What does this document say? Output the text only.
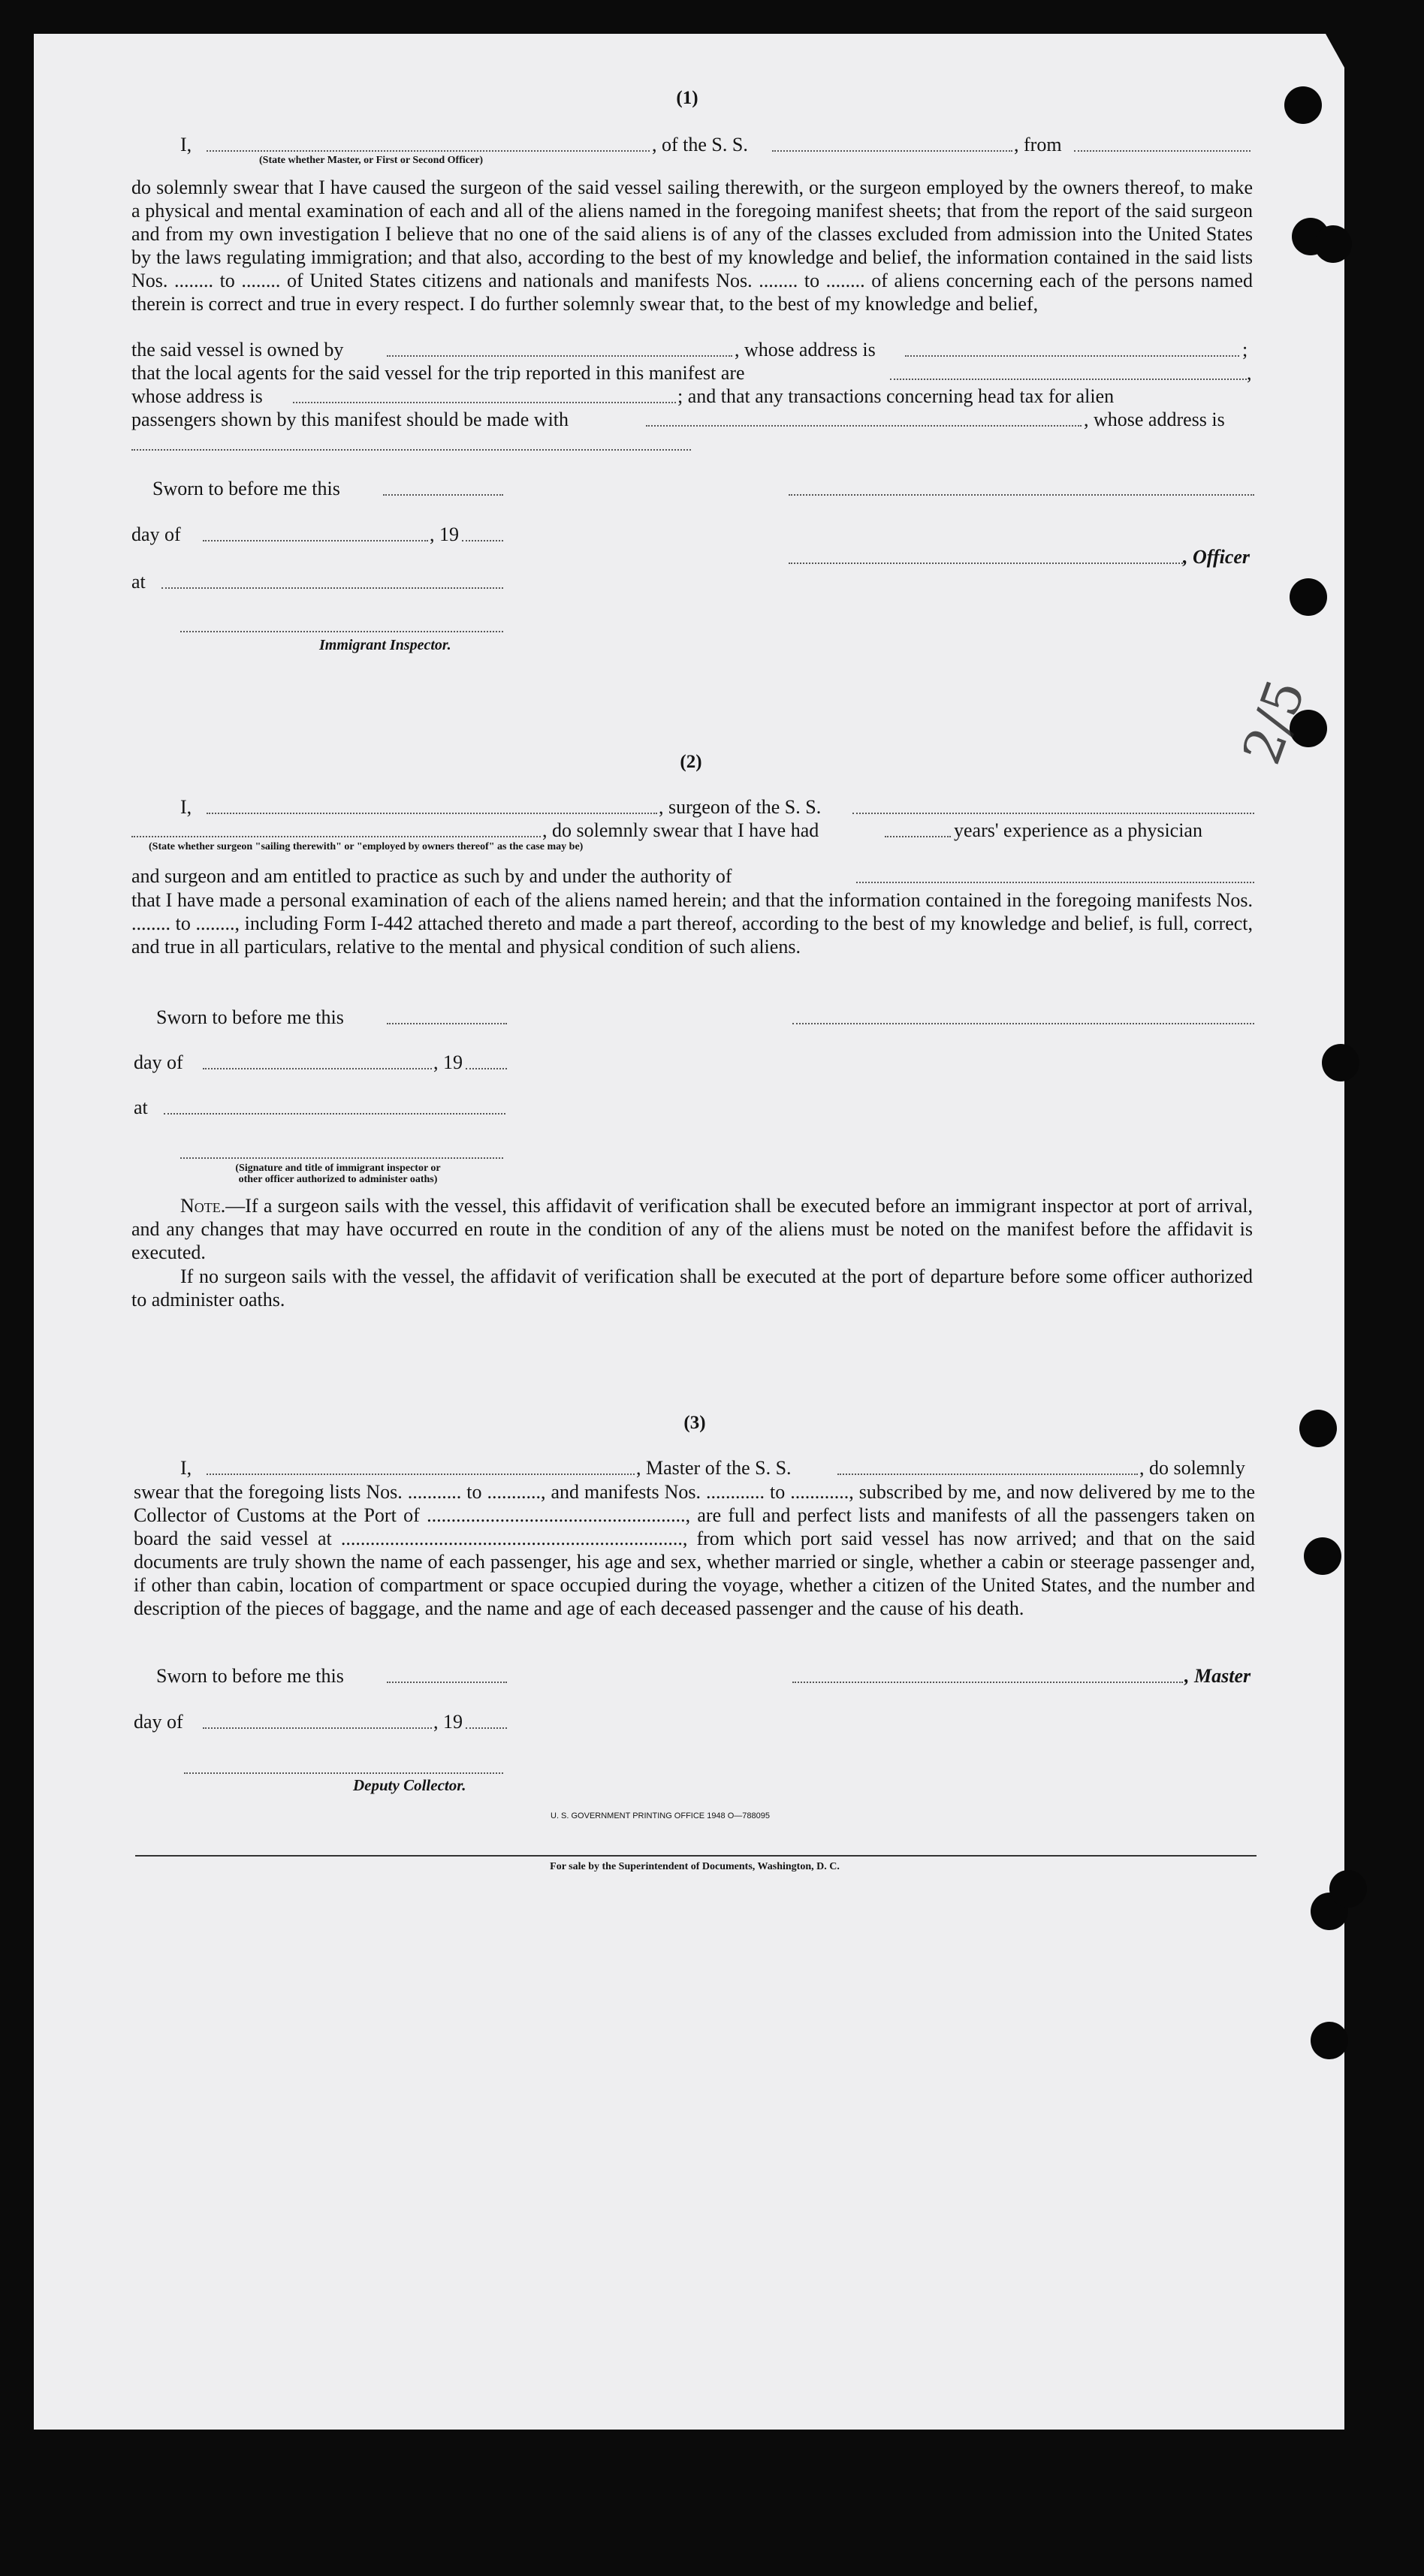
2/5
(1)
I,	, of the S. S.	, from
(State whether Master, or First or Second Officer)
do solemnly swear that I have caused the surgeon of the said vessel sailing therewith, or the surgeon employed by the owners thereof, to make a physical and mental examination of each and all of the aliens named in the foregoing manifest sheets; that from the report of the said surgeon and from my own investigation I believe that no one of the said aliens is of any of the classes excluded from admission into the United States by the laws regulating immigration; and that also, according to the best of my knowledge and belief, the information contained in the said lists Nos. ........ to ........ of United States citizens and nationals and manifests Nos. ........ to ........ of aliens concerning each of the persons named therein is correct and true in every respect. I do further solemnly swear that, to the best of my knowledge and belief,
the said vessel is owned by	, whose address is	;
that the local agents for the said vessel for the trip reported in this manifest are	,
whose address is	; and that any transactions concerning head tax for alien
passengers shown by this manifest should be made with	, whose address is
Sworn to before me this
day of	, 19
, Officer
at
Immigrant Inspector.
(2)
I,	, surgeon of the S. S.
, do solemnly swear that I have had	years' experience as a physician
(State whether surgeon "sailing therewith" or "employed by owners thereof" as the case may be)
and surgeon and am entitled to practice as such by and under the authority of
that I have made a personal examination of each of the aliens named herein; and that the information contained in the foregoing manifests Nos. ........ to ........, including Form I-442 attached thereto and made a part thereof, according to the best of my knowledge and belief, is full, correct, and true in all particulars, relative to the mental and physical condition of such aliens.
Sworn to before me this
day of	, 19
at
(Signature and title of immigrant inspector or
other officer authorized to administer oaths)
Note.—If a surgeon sails with the vessel, this affidavit of verification shall be executed before an immigrant inspector at port of arrival, and any changes that may have occurred en route in the condition of any of the aliens must be noted on the manifest before the affidavit is executed.
If no surgeon sails with the vessel, the affidavit of verification shall be executed at the port of departure before some officer authorized to administer oaths.
(3)
I,	, Master of the S. S.	, do solemnly
swear that the foregoing lists Nos. ........... to ..........., and manifests Nos. ............ to ............, subscribed by me, and now delivered by me to the Collector of Customs at the Port of ....................................................., are full and perfect lists and manifests of all the passengers taken on board the said vessel at ......................................................................, from which port said vessel has now arrived; and that on the said documents are truly shown the name of each passenger, his age and sex, whether married or single, whether a cabin or steerage passenger and, if other than cabin, location of compartment or space occupied during the voyage, whether a citizen of the United States, and the number and description of the pieces of baggage, and the name and age of each deceased passenger and the cause of his death.
Sworn to before me this	, Master
day of	, 19
Deputy Collector.
U. S. GOVERNMENT PRINTING OFFICE 1948 O—788095
For sale by the Superintendent of Documents, Washington, D. C.
